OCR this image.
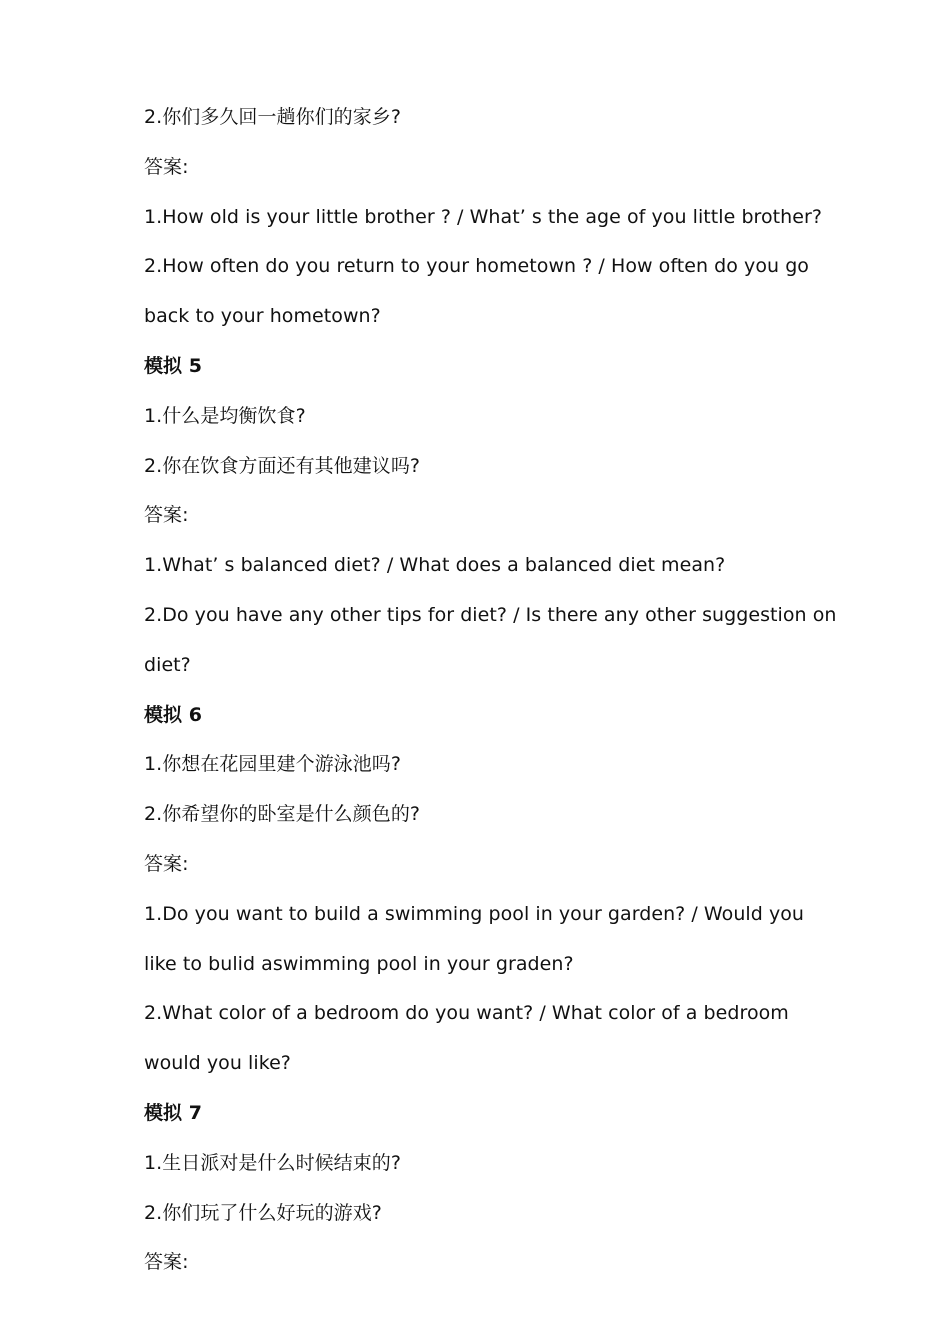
2.你们多久回一趟你们的家乡?
答案:
1.How old is your little brother ? / What’ s the age of you little brother?
2.How often do you return to your hometown ? / How often do you go
back to your hometown?
模拟 5
1.什么是均衡饮食?
2.你在饮食方面还有其他建议吗?
答案:
1.What’ s balanced diet? / What does a balanced diet mean?
2.Do you have any other tips for diet? / Is there any other suggestion on
diet?
模拟 6
1.你想在花园里建个游泳池吗?
2.你希望你的卧室是什么颜色的?
答案:
1.Do you want to build a swimming pool in your garden? / Would you
like to bulid aswimming pool in your graden?
2.What color of a bedroom do you want? / What color of a bedroom
would you like?
模拟 7
1.生日派对是什么时候结束的?
2.你们玩了什么好玩的游戏?
答案:
